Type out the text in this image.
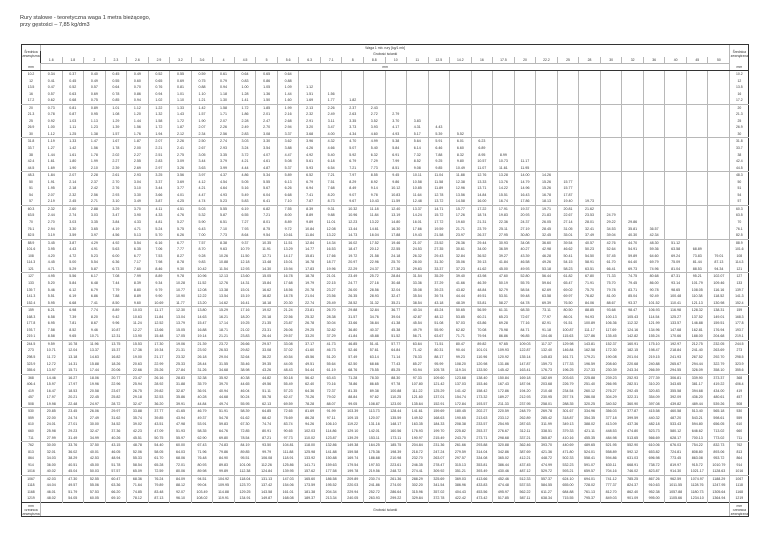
Rury stalowe - teoretyczna waga 1 metra bieżącego,
przy gęstości – 7,85 kg/dm3
Średnica zewnętrzna	Waga 1 mb. rury [kg/1 mb]																																Średnica zewnętrzna
	Grubość ścianki																																
	1.6	1.8	2	2.3	2.6	2.9	3.2	3.6	4	4.5	5	5.6	6.3	7.1	8	8.8	10	11	12.5	14.2	16	17.5	20	22.2	25	28	30	32	36	40	45	50	
mm	mm																																mm
10.2	0.34	0.37	0.40	0.45	0.49	0.52	0.55	0.59	0.61	0.64	0.65	0.64																					10.2
12	0.41	0.45	0.49	0.55	0.60	0.65	0.69	0.75	0.79	0.83	0.86	0.88																					12
13.5	0.47	0.52	0.57	0.64	0.70	0.76	0.81	0.88	0.94	1.00	1.05	1.09	1.12																				13.5
16	0.57	0.63	0.69	0.78	0.86	0.94	1.01	1.10	1.18	1.28	1.36	1.44	1.51	1.56																			16
17.2	0.62	0.68	0.75	0.85	0.94	1.02	1.10	1.21	1.30	1.41	1.50	1.60	1.69	1.77	1.82																		17.2
20	0.73	0.81	0.89	1.01	1.12	1.22	1.33	1.42	1.58	1.72	1.85	1.99	2.13	2.26	2.37	2.43																	20
21.3	0.78	0.87	0.95	1.08	1.20	1.32	1.43	1.57	1.71	1.86	2.01	2.16	2.32	2.49	2.63	2.72	2.79																21.3
25	0.92	1.03	1.13	1.29	1.44	1.58	1.72	1.90	2.07	2.28	2.47	2.68	2.91	3.11	3.35	3.52	3.70	3.83															25
26.9	1.00	1.11	1.23	1.39	1.56	1.72	1.87	2.07	2.26	2.49	2.70	2.94	3.20	3.47	3.73	3.93	4.17	4.31	4.43														26.9
30	1.12	1.25	1.38	1.57	1.76	1.94	2.12	2.34	2.56	2.83	3.08	3.37	3.68	4.00	4.34	4.60	4.93	5.17	5.39	5.52													30
31.8	1.19	1.33	1.47	1.67	1.87	2.07	2.26	2.50	2.74	3.03	3.30	3.62	3.96	4.32	4.70	4.99	5.38	5.64	5.91	6.01	6.23												31.8
33.7	1.27	1.42	1.56	1.78	2.00	2.21	2.41	2.67	2.93	3.24	3.54	3.88	4.26	4.66	5.07	5.40	5.84	6.14	6.46	6.60	6.89												33.7
38	1.44	1.61	1.78	2.02	2.27	2.51	2.75	3.05	3.35	3.72	4.07	4.47	4.92	5.40	5.92	6.32	6.91	7.32	7.88	8.32	8.95	8.99											38
42.4	1.61	1.80	1.99	2.27	2.55	2.83	3.09	3.44	3.79	4.21	4.61	5.08	5.61	6.18	6.79	7.29	7.99	8.52	9.25	9.80	10.57	10.73	11.17										42.4
44.5	1.69	1.90	2.10	2.39	2.69	2.97	3.26	3.63	3.99	4.44	4.87	5.37	5.93	6.54	7.21	7.73	8.51	9.08	9.85	10.49	11.07	11.61	11.95										44.5
48.3	1.84	2.07	2.28	2.61	2.93	3.25	3.56	3.97	4.37	4.86	5.34	5.89	6.52	7.21	7.97	8.55	9.45	10.11	11.04	11.88	12.76	13.28	14.00	14.26									48.3
50	1.91	2.14	2.37	2.70	3.04	3.37	3.69	4.12	4.54	5.05	5.55	6.13	6.79	7.51	8.29	8.92	9.86	10.58	11.58	12.38	13.33	13.76	14.79	15.26	15.77								50
51	1.95	2.18	2.42	2.76	3.10	3.44	3.77	4.21	4.64	5.16	5.67	6.26	6.94	7.68	8.49	9.14	10.12	10.85	11.89	12.96	13.71	14.22	14.96	15.26	15.77								51
54	2.07	2.32	2.56	2.93	3.30	3.66	4.01	4.47	4.93	5.49	6.04	6.68	7.41	8.20	9.07	9.78	10.83	11.64	12.78	13.56	14.84	15.51	16.43	16.78	17.87								54
57	2.19	2.45	2.71	3.10	3.49	3.87	4.25	4.74	5.23	5.83	6.41	7.10	7.87	8.73	9.67	10.43	11.59	12.48	13.72	14.58	16.00	16.74	17.86	18.13	19.40	19.73							57
60.3	2.32	2.60	2.88	3.29	3.70	4.11	4.51	5.03	5.55	6.19	6.82	7.55	8.39	9.31	10.32	11.18	12.40	13.37	14.71	15.77	17.22	17.91	19.37	19.71	20.81	21.62							60.3
63.5	2.44	2.74	3.03	3.47	3.90	4.33	4.76	5.32	5.87	6.55	7.21	8.00	8.89	9.88	10.96	11.84	13.19	14.24	15.72	17.26	18.74	19.83	20.93	21.83	22.67	23.53	24.79						63.5
70	2.70	3.03	3.35	3.84	4.33	4.81	5.27	5.90	6.51	7.27	8.01	8.89	9.89	11.01	12.23	13.22	14.80	16.01	17.72	19.60	21.31	22.36	24.37	26.05	27.14	28.01	29.22	29.86					70
76.1	2.94	3.30	3.65	4.19	4.71	5.24	5.75	6.43	7.10	7.93	8.75	9.72	10.84	12.08	13.44	14.61	16.30	17.66	19.59	21.71	23.79	25.11	27.19	28.45	31.05	32.41	34.53	35.81	36.57				76.1
82.5	3.19	3.59	3.97	4.56	5.13	5.70	6.26	7.00	7.73	8.64	9.54	10.61	11.84	13.22	14.73	16.04	17.88	19.43	21.58	23.97	26.37	27.95	30.80	32.45	35.01	37.49	39.04	40.30	42.34				82.5
88.9	3.45	3.87	4.29	4.92	5.54	6.16	6.77	7.57	8.38	9.37	10.35	11.51	12.84	14.34	16.02	17.52	19.46	21.07	23.52	26.36	29.44	30.93	34.08	36.60	39.54	40.57	42.76	44.70	48.30	51.12			88.9
101.6	3.95	4.43	4.91	5.63	6.35	7.06	7.77	8.70	9.63	10.79	11.91	13.29	14.77	16.53	18.47	20.12	22.55	24.53	27.35	30.61	34.00	36.59	40.27	42.98	46.62	50.23	52.64	54.91	59.36	63.58	68.89		101.6
108	4.20	4.72	5.23	6.00	6.77	7.53	8.27	9.28	10.26	11.50	12.71	14.17	15.81	17.66	19.72	21.58	24.18	26.32	29.43	32.84	36.52	39.27	43.39	46.28	50.41	54.50	57.45	59.89	64.60	69.24	73.83	79.01	108
114.3	4.45	5.00	5.54	6.36	7.17	7.98	8.78	9.83	10.88	12.18	13.48	15.01	16.78	18.77	20.97	22.96	25.70	28.00	31.30	35.06	39.13	41.84	46.58	49.26	54.15	58.91	61.70	64.40	69.79	75.09	81.44	87.13	114.3
121	4.71	5.29	5.87	6.73	7.60	8.46	9.30	10.42	11.54	12.93	14.30	15.94	17.83	19.96	22.29	24.37	27.36	29.83	33.37	37.23	41.62	45.00	49.93	53.18	58.23	63.51	66.41	69.73	74.96	81.04	88.53	94.34	121
127	4.95	5.56	6.17	7.08	7.99	8.89	9.78	10.96	12.13	13.60	15.05	16.78	18.78	21.01	23.49	25.72	28.84	31.54	35.29	39.40	43.98	47.60	52.80	56.44	61.82	67.80	71.33	74.75	80.68	87.31	95.21	102.07	127
133	5.20	5.84	6.48	7.44	8.39	9.34	10.28	11.52	12.76	14.31	15.84	17.68	19.79	22.15	24.77	27.16	30.48	33.36	37.29	41.66	46.39	50.19	55.76	59.64	65.47	71.91	75.70	79.45	86.00	93.14	101.79	109.46	133
139.7	5.46	6.12	6.79	7.79	8.80	9.79	10.77	12.08	13.38	15.01	16.62	18.56	20.78	23.27	26.00	28.56	32.04	35.08	39.23	43.82	48.84	52.79	58.54	62.69	69.02	75.70	79.78	83.71	90.78	98.65	108.05	116.16	139.7
141.3	5.51	6.19	6.86	7.88	8.89	9.90	10.90	12.22	13.54	15.19	16.82	18.78	21.04	23.56	26.35	28.93	32.47	35.54	39.74	44.44	49.51	53.51	59.48	63.58	69.97	76.82	81.00	85.04	92.49	100.48	110.38	118.52	141.3
152.4	5.95	6.68	7.41	8.50	9.60	10.69	11.77	13.20	14.62	16.41	18.18	20.30	22.74	25.49	28.52	31.32	35.21	38.54	43.18	48.39	53.81	58.27	64.78	69.39	76.50	84.06	88.67	93.37	101.52	110.41	121.13	130.98	152.4
159	6.21	6.98	7.74	8.89	10.03	11.17	12.30	13.80	15.29	17.16	19.02	21.24	23.81	26.70	29.88	32.84	36.77	40.34	45.24	50.65	56.59	61.31	68.35	73.11	80.50	88.85	93.68	98.47	106.93	116.98	128.32	138.31	159
168.3	6.58	7.39	8.20	9.42	10.63	11.84	13.04	14.63	16.21	18.20	20.18	22.56	25.32	28.38	31.57	34.76	39.04	42.87	48.12	53.85	60.21	65.23	72.67	77.97	86.01	94.93	100.13	105.43	114.54	125.27	137.52	149.01	168.3
177.8	6.95	7.81	8.67	9.96	11.24	12.52	13.79	15.47	17.14	19.25	21.35	23.87	26.78	30.04	33.66	36.84	41.38	45.54	51.08	57.03	63.86	69.28	77.16	82.91	91.51	100.89	106.36	112.32	121.99	133.57	146.88	159.51	177.8
193.7	7.58	8.52	9.46	10.87	12.27	13.66	15.05	16.88	18.71	21.02	23.31	26.06	29.25	32.82	36.80	40.37	45.38	49.79	55.90	62.82	70.08	75.98	84.71	91.18	100.87	111.17	117.69	124.16	134.96	147.68	162.81	176.94	193.7
219.1	8.58	9.65	10.71	12.31	13.90	15.48	17.05	19.14	21.21	23.83	26.44	29.57	33.20	37.29	41.84	45.88	51.52	56.71	63.67	71.71	79.94	86.86	96.85	104.46	115.63	127.86	135.45	142.82	155.24	170.66	188.00	204.68	219.1
244.5	9.59	10.78	11.96	13.75	15.53	17.30	19.06	21.39	23.72	26.66	29.57	33.08	37.17	41.73	46.85	51.41	57.77	63.64	71.51	80.47	89.82	97.65	109.03	117.37	129.98	143.81	152.37	160.91	175.10	192.97	212.75	232.05	244.5
273	10.71	12.04	13.37	15.37	17.36	19.34	21.31	23.92	26.53	29.82	33.08	37.02	41.60	46.73	52.46	57.61	64.84	71.42	80.31	90.44	101.01	109.93	122.87	132.40	146.84	162.58	172.30	182.15	198.47	218.84	241.40	263.69	273
298.5	11.72	13.18	14.63	16.82	19.00	21.17	23.32	26.18	29.04	32.64	36.22	40.54	45.56	51.20	57.49	63.14	71.14	78.33	88.17	99.23	110.96	120.92	135.14	145.83	161.71	179.21	190.08	201.04	219.15	241.93	267.52	292.70	298.5
323.9	12.72	14.31	15.88	18.26	20.63	22.99	25.33	28.44	31.55	35.46	39.35	44.05	49.51	55.64	62.50	68.66	77.43	85.27	95.99	108.20	120.98	131.86	147.87	159.73	177.33	196.59	208.60	220.68	240.88	265.67	294.44	322.79	323.9
355.6	13.97	15.71	17.44	20.06	22.66	25.26	27.84	31.26	34.68	38.98	43.26	48.43	54.44	61.19	68.76	75.55	85.25	93.94	105.78	119.34	133.50	145.42	163.41	176.73	196.25	217.33	230.39	243.34	266.59	294.55	326.09	358.10	355.6
368	14.46	16.27	18.06	20.77	23.47	26.16	28.83	32.38	35.92	40.38	44.82	50.18	56.42	63.43	71.28	78.30	88.30	97.33	109.60	123.68	138.40	150.84	169.18	182.69	203.63	225.88	239.23	252.93	277.39	306.81	339.90	373.37	368
406.4	15.97	17.97	19.96	22.96	25.94	28.92	31.88	35.79	39.70	44.65	49.56	55.49	62.40	70.16	78.86	86.65	97.78	107.80	121.42	137.03	153.46	167.43	187.94	203.68	226.79	251.40	266.95	282.51	310.20	343.65	381.17	419.22	406.4
419	16.47	18.53	20.58	23.67	26.75	29.82	32.87	36.91	40.94	46.04	51.11	57.23	64.36	72.37	81.35	89.38	100.88	111.22	125.29	141.42	158.42	172.86	194.20	210.48	234.54	260.12	276.27	292.45	320.83	355.58	394.68	434.00	419
457	17.97	20.21	22.45	25.82	29.18	32.53	35.86	40.28	44.68	50.24	55.78	62.47	70.26	79.02	88.84	97.62	110.25	121.60	137.01	154.74	173.32	189.27	212.93	230.95	257.74	286.08	304.29	322.31	354.09	392.09	436.20	480.61	457
508	19.98	22.48	24.97	28.72	32.47	36.20	39.91	44.84	49.74	55.95	62.13	69.59	78.28	88.07	99.05	108.87	123.00	135.64	152.91	172.84	193.57	211.33	237.95	258.01	288.35	320.25	340.52	360.90	397.08	439.82	489.44	539.26	508
530	20.85	23.45	26.06	29.97	33.88	37.77	41.65	46.79	51.91	58.39	64.85	72.65	81.69	91.99	103.39	113.73	128.44	141.61	159.69	180.45	202.27	220.59	248.79	269.78	301.67	334.96	356.03	377.87	415.58	460.58	513.40	565.18	530
559	22.00	24.74	27.49	31.62	35.74	39.85	43.94	49.37	54.78	61.62	68.42	76.69	86.28	97.11	109.15	120.07	135.59	149.52	168.63	190.65	213.63	233.12	262.89	285.42	318.87	354.35	377.18	399.59	440.32	487.20	543.21	598.61	559
610	24.01	27.01	30.00	34.52	39.02	43.51	47.98	53.91	59.83	67.30	74.74	83.74	94.26	106.10	119.22	131.16	148.17	163.35	184.33	208.38	233.57	254.95	287.63	311.99	349.13	388.02	413.09	437.36	482.18	533.43	594.80	656.05	610
660	25.98	29.23	32.47	37.36	42.23	47.09	51.93	58.35	64.76	72.85	80.91	90.65	102.03	114.86	129.10	142.01	160.56	176.93	199.70	225.82	253.37	276.67	312.11	338.51	379.33	421.11	448.53	474.80	523.73	580.12	646.62	713.02	660
711	27.99	31.49	34.99	40.26	45.51	50.75	55.97	62.90	69.80	78.54	87.21	97.73	110.02	123.87	139.29	153.11	173.11	190.97	215.49	243.70	273.71	298.68	337.21	365.87	410.16	455.35	484.98	513.65	566.69	628.17	700.13	773.02	711
762	30.00	33.76	37.50	43.15	48.78	54.40	60.00	67.43	74.83	84.19	93.50	104.81	118.00	132.86	149.38	164.25	185.75	204.84	231.36	261.66	293.88	320.88	362.46	393.70	440.69	489.65	521.95	552.90	610.06	676.03	754.22	832.73	762
813	32.01	36.02	40.01	46.05	52.06	58.05	64.03	71.96	79.86	89.85	99.79	111.88	125.98	141.88	159.58	175.36	198.39	218.72	247.24	279.59	314.04	342.86	387.69	421.36	471.80	524.01	558.89	592.12	653.82	724.81	808.80	893.06	813
864	34.03	38.29	42.53	48.94	55.33	61.70	68.06	76.48	84.90	95.51	106.08	118.91	133.92	150.88	169.74	186.68	210.98	232.70	263.07	297.57	334.08	365.02	412.21	448.72	502.33	558.41	594.86	631.03	696.98	773.45	863.08	953.72	864
914	36.00	40.51	45.00	51.78	58.54	65.28	72.01	80.93	89.83	101.06	112.26	125.86	141.71	159.63	179.54	197.53	223.61	246.35	278.47	315.13	353.81	386.44	437.45	474.99	532.23	591.07	630.11	668.91	738.72	819.97	915.72	1010.79	914
1016	40.02	45.04	50.03	57.57	65.09	72.59	80.06	89.98	99.89	112.38	124.84	139.95	157.62	177.58	199.78	219.56	248.72	274.41	309.92	351.21	393.49	430.46	487.12	529.72	593.21	659.57	704.16	746.02	823.87	914.30	1021.17	1128.63	1016
1067	42.03	47.30	52.55	60.47	68.36	76.24	84.09	94.51	104.92	118.04	131.13	147.03	165.60	186.58	209.89	230.74	261.36	288.29	325.69	369.03	413.66	452.46	512.33	557.37	624.10	694.01	741.12	785.25	867.26	962.59	1074.97	1188.29	1067
1118	44.04	49.57	55.06	63.36	71.64	79.89	88.12	99.04	109.95	123.70	137.42	154.06	173.59	195.52	220.03	241.86	274.00	302.20	341.54	386.96	433.83	474.48	537.53	584.55	655.00	728.02	777.37	824.37	910.63	1011.55	1128.76	1247.95	1118
1168	46.01	51.79	57.53	66.20	74.85	83.48	92.07	103.49	114.88	129.25	143.58	161.01	181.38	204.34	229.94	252.72	286.64	315.96	357.02	404.43	453.56	495.97	562.22	611.27	684.88	761.13	812.70	862.40	952.38	1057.88	1180.73	1305.64	1168
1219	48.02	54.05	60.05	69.10	78.12	87.13	96.10	108.02	119.91	134.91	149.87	168.08	189.37	213.34	240.05	263.93	299.22	329.84	372.78	422.42	473.42	517.85	587.11	638.34	715.55	795.37	849.03	901.09	995.00	1105.66	1234.10	1364.94	1219
mm	Grubość ścianki																																mm
Średnica zewnętrzna																																	Średnica zewnętrzna
